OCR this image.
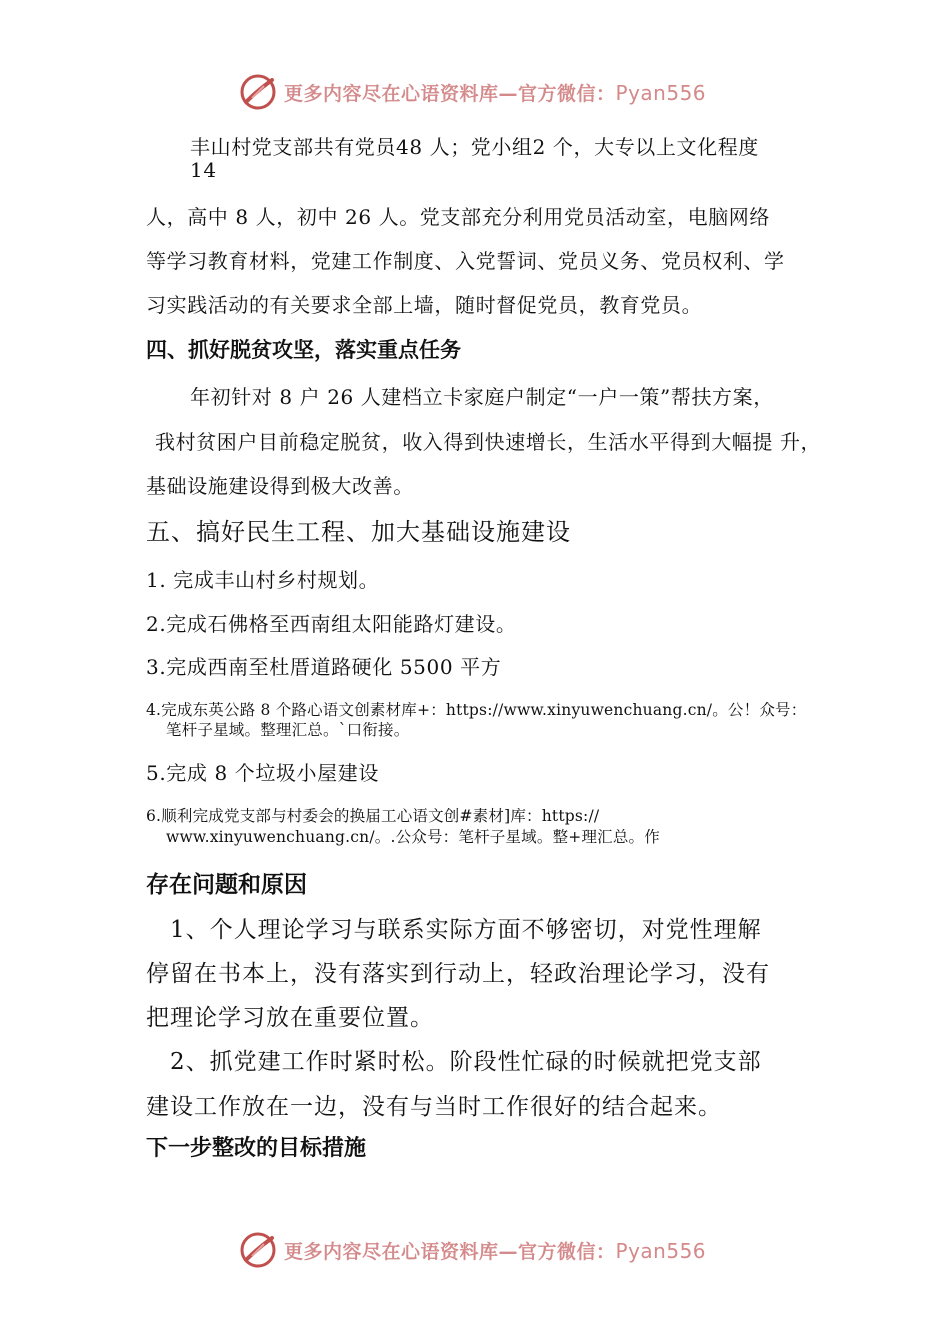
更多内容尽在心语资料库—官方微信：Pyan556
丰山村党支部共有党员48 人；党小组2 个，大专以上文化程度
14
人，高中 8 人，初中 26 人。党支部充分利用党员活动室，电脑网络
等学习教育材料，党建工作制度、入党誓词、党员义务、党员权利、学
习实践活动的有关要求全部上墙，随时督促党员，教育党员。
四、抓好脱贫攻坚，落实重点任务
年初针对 8 户 26 人建档立卡家庭户制定“一户一策”帮扶方案，
我村贫困户目前稳定脱贫，收入得到快速增长，生活水平得到大幅提 升，
基础设施建设得到极大改善。
五、搞好民生工程、加大基础设施建设
1. 完成丰山村乡村规划。
2.完成石佛格至西南组太阳能路灯建设。
3.完成西南至杜厝道路硬化 5500 平方
4.完成东英公路 8 个路心语文创素材库+：https://www.xinyuwenchuang.cn/。公！众号：
笔杆子星域。整理汇总。`口衔接。
5.完成 8 个垃圾小屋建设
6.顺利完成党支部与村委会的换届工心语文创#素材]库：https://
www.xinyuwenchuang.cn/。.公众号：笔杆子星域。整+理汇总。作
存在问题和原因
1、个人理论学习与联系实际方面不够密切，对党性理解
停留在书本上，没有落实到行动上，轻政治理论学习，没有
把理论学习放在重要位置。
2、抓党建工作时紧时松。阶段性忙碌的时候就把党支部
建设工作放在一边，没有与当时工作很好的结合起来。
下一步整改的目标措施
更多内容尽在心语资料库—官方微信：Pyan556
